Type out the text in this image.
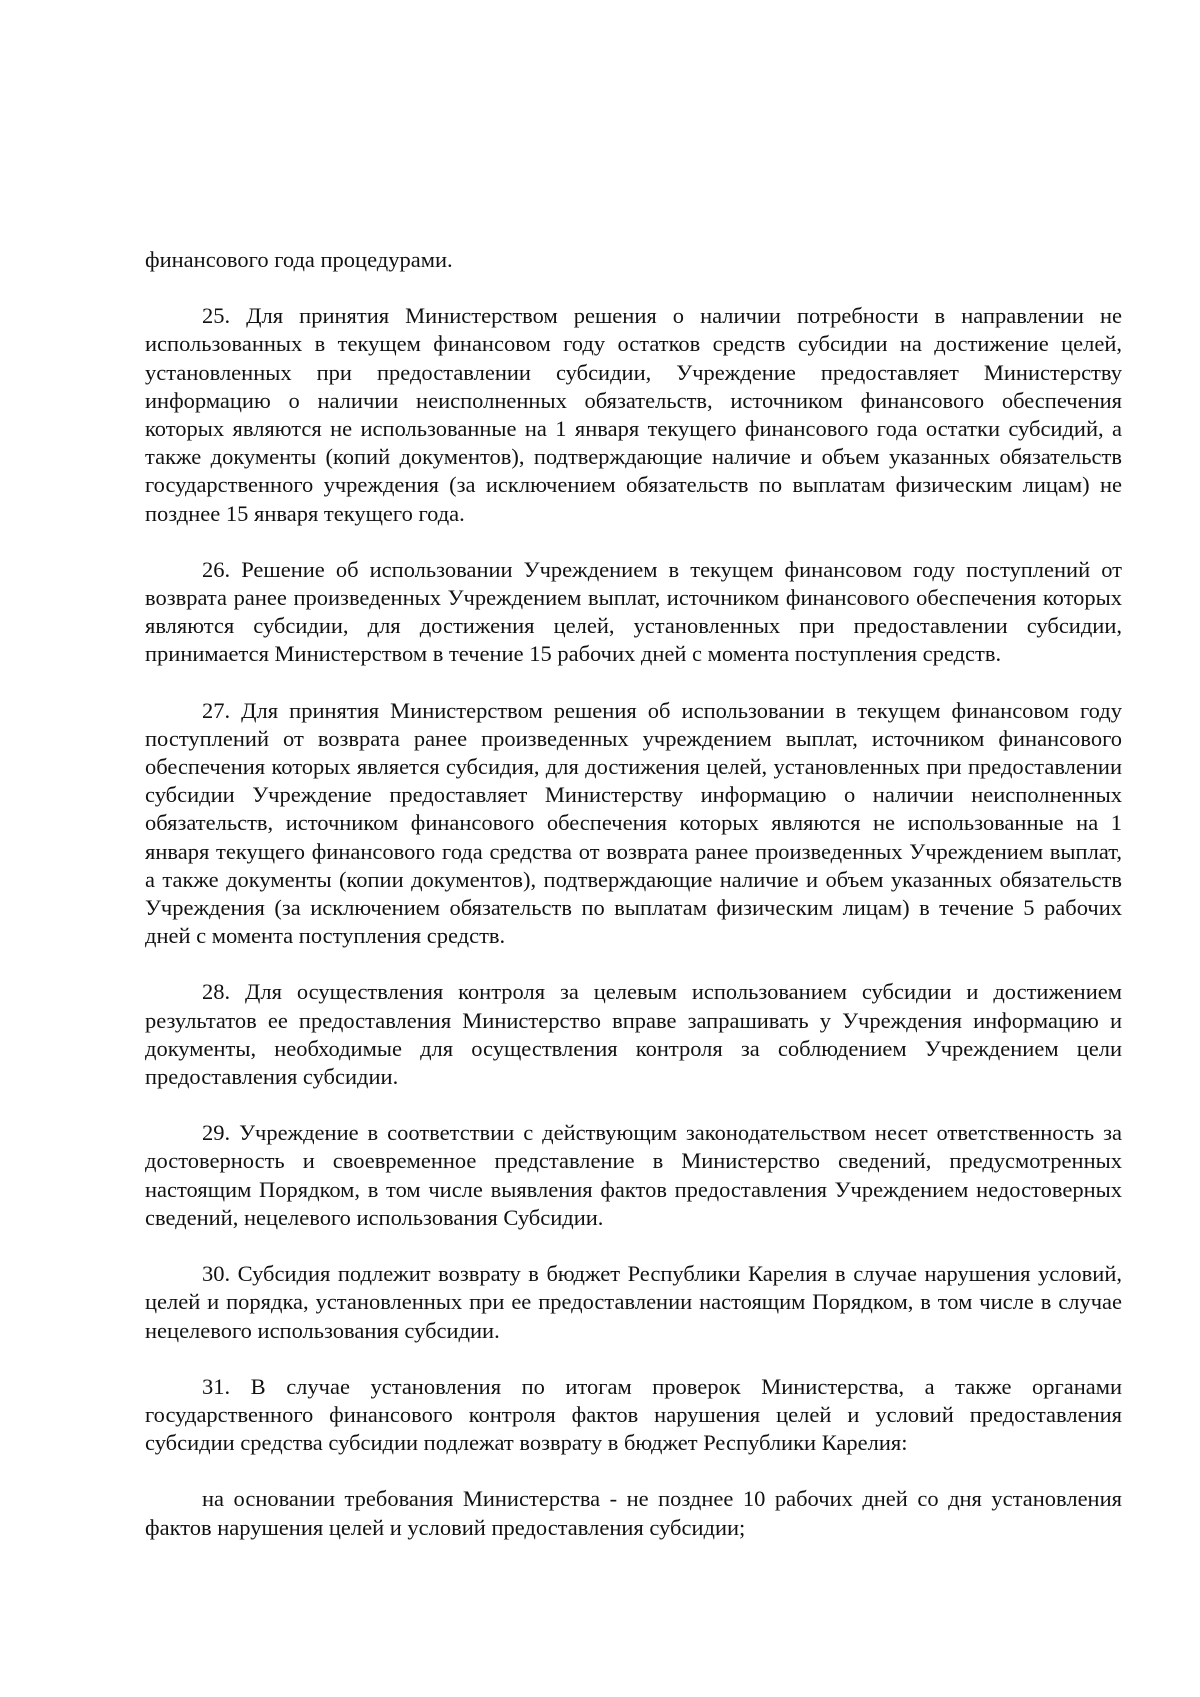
финансового года процедурами.

25. Для принятия Министерством решения о наличии потребности в направлении не использованных в текущем финансовом году остатков средств субсидии на достижение целей, установленных при предоставлении субсидии, Учреждение предоставляет Министерству информацию о наличии неисполненных обязательств, источником финансового обеспечения которых являются не использованные на 1 января текущего финансового года остатки субсидий, а также документы (копий документов), подтверждающие наличие и объем указанных обязательств государственного учреждения (за исключением обязательств по выплатам физическим лицам) не позднее 15 января текущего года.

26. Решение об использовании Учреждением в текущем финансовом году поступлений от возврата ранее произведенных Учреждением выплат, источником финансового обеспечения которых являются субсидии, для достижения целей, установленных при предоставлении субсидии, принимается Министерством в течение 15 рабочих дней с момента поступления средств.

27. Для принятия Министерством решения об использовании в текущем финансовом году поступлений от возврата ранее произведенных учреждением выплат, источником финансового обеспечения которых является субсидия, для достижения целей, установленных при предоставлении субсидии Учреждение предоставляет Министерству информацию о наличии неисполненных обязательств, источником финансового обеспечения которых являются не использованные на 1 января текущего финансового года средства от возврата ранее произведенных Учреждением выплат, а также документы (копии документов), подтверждающие наличие и объем указанных обязательств Учреждения (за исключением обязательств по выплатам физическим лицам) в течение 5 рабочих дней с момента поступления средств.

28. Для осуществления контроля за целевым использованием субсидии и достижением результатов ее предоставления Министерство вправе запрашивать у Учреждения информацию и документы, необходимые для осуществления контроля за соблюдением Учреждением цели предоставления субсидии.

29. Учреждение в соответствии с действующим законодательством несет ответственность за достоверность и своевременное представление в Министерство сведений, предусмотренных настоящим Порядком, в том числе выявления фактов предоставления Учреждением недостоверных сведений, нецелевого использования Субсидии.

30. Субсидия подлежит возврату в бюджет Республики Карелия в случае нарушения условий, целей и порядка, установленных при ее предоставлении настоящим Порядком, в том числе в случае нецелевого использования субсидии.

31. В случае установления по итогам проверок Министерства, а также органами государственного финансового контроля фактов нарушения целей и условий предоставления субсидии средства субсидии подлежат возврату в бюджет Республики Карелия:

на основании требования Министерства - не позднее 10 рабочих дней со дня установления фактов нарушения целей и условий предоставления субсидии;
